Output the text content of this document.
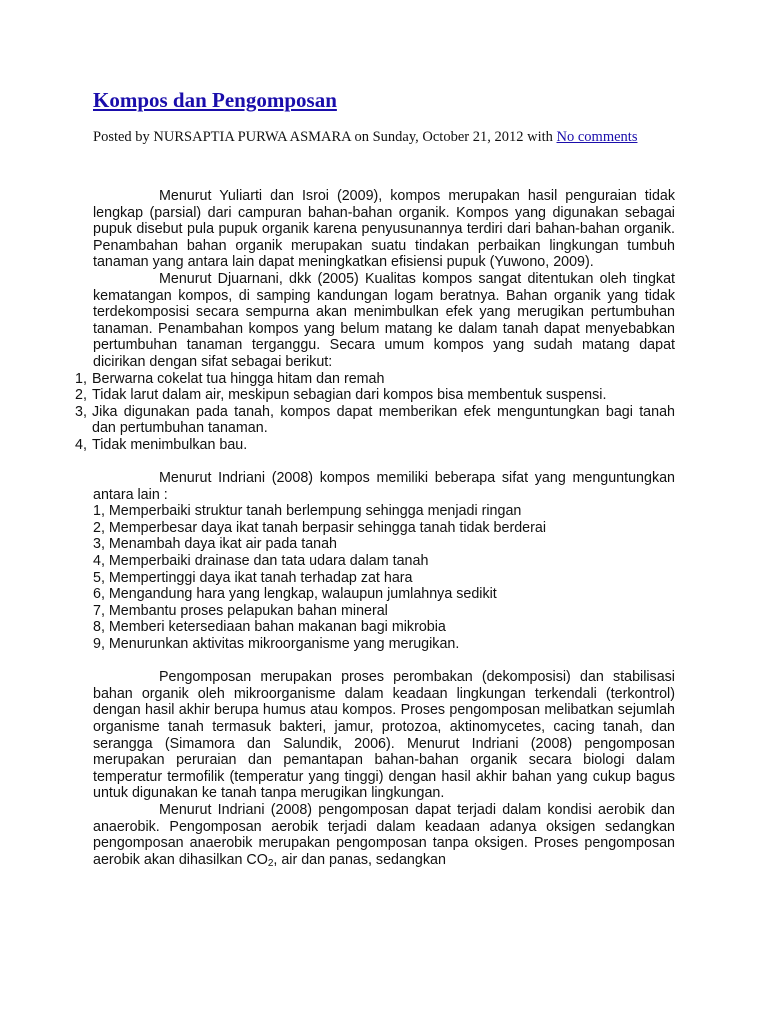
Kompos dan Pengomposan
Posted by NURSAPTIA PURWA ASMARA on Sunday, October 21, 2012 with No comments

Menurut Yuliarti dan Isroi (2009), kompos merupakan hasil penguraian tidak lengkap (parsial) dari campuran bahan-bahan organik. Kompos yang digunakan sebagai pupuk disebut pula pupuk organik karena penyusunannya terdiri dari bahan-bahan organik. Penambahan bahan organik merupakan suatu tindakan perbaikan lingkungan tumbuh tanaman yang antara lain dapat meningkatkan efisiensi pupuk (Yuwono, 2009).

Menurut Djuarnani, dkk (2005) Kualitas kompos sangat ditentukan oleh tingkat kematangan kompos, di samping kandungan logam beratnya. Bahan organik yang tidak terdekomposisi secara sempurna akan menimbulkan efek yang merugikan pertumbuhan tanaman. Penambahan kompos yang belum matang ke dalam tanah dapat menyebabkan pertumbuhan tanaman terganggu. Secara umum kompos yang sudah matang dapat dicirikan dengan sifat sebagai berikut:

1, Berwarna cokelat tua hingga hitam dan remah
2, Tidak larut dalam air, meskipun sebagian dari kompos bisa membentuk suspensi.
3, Jika digunakan pada tanah, kompos dapat memberikan efek menguntungkan bagi tanah dan pertumbuhan tanaman.
4, Tidak menimbulkan bau.

Menurut Indriani (2008) kompos memiliki beberapa sifat yang menguntungkan antara lain :

1, Memperbaiki struktur tanah berlempung sehingga menjadi ringan

2, Memperbesar daya ikat tanah berpasir sehingga tanah tidak berderai

3, Menambah daya ikat air pada tanah

4, Memperbaiki drainase dan tata udara dalam tanah

5, Mempertinggi daya ikat tanah terhadap zat hara

6, Mengandung hara yang lengkap, walaupun jumlahnya sedikit

7, Membantu proses pelapukan bahan mineral

8, Memberi ketersediaan bahan makanan bagi mikrobia

9, Menurunkan aktivitas mikroorganisme yang merugikan.

Pengomposan merupakan proses perombakan (dekomposisi) dan stabilisasi bahan organik oleh mikroorganisme dalam keadaan lingkungan terkendali (terkontrol) dengan hasil akhir berupa humus atau kompos. Proses pengomposan melibatkan sejumlah organisme tanah termasuk bakteri, jamur, protozoa, aktinomycetes, cacing tanah, dan serangga (Simamora dan Salundik, 2006). Menurut Indriani (2008) pengomposan merupakan peruraian dan pemantapan bahan-bahan organik secara biologi dalam temperatur termofilik (temperatur yang tinggi) dengan hasil akhir bahan yang cukup bagus untuk digunakan ke tanah tanpa merugikan lingkungan.

Menurut Indriani (2008) pengomposan dapat terjadi dalam kondisi aerobik dan anaerobik. Pengomposan aerobik terjadi dalam keadaan adanya oksigen sedangkan pengomposan anaerobik merupakan pengomposan tanpa oksigen. Proses pengomposan aerobik akan dihasilkan $CO_2$, air dan panas, sedangkan
